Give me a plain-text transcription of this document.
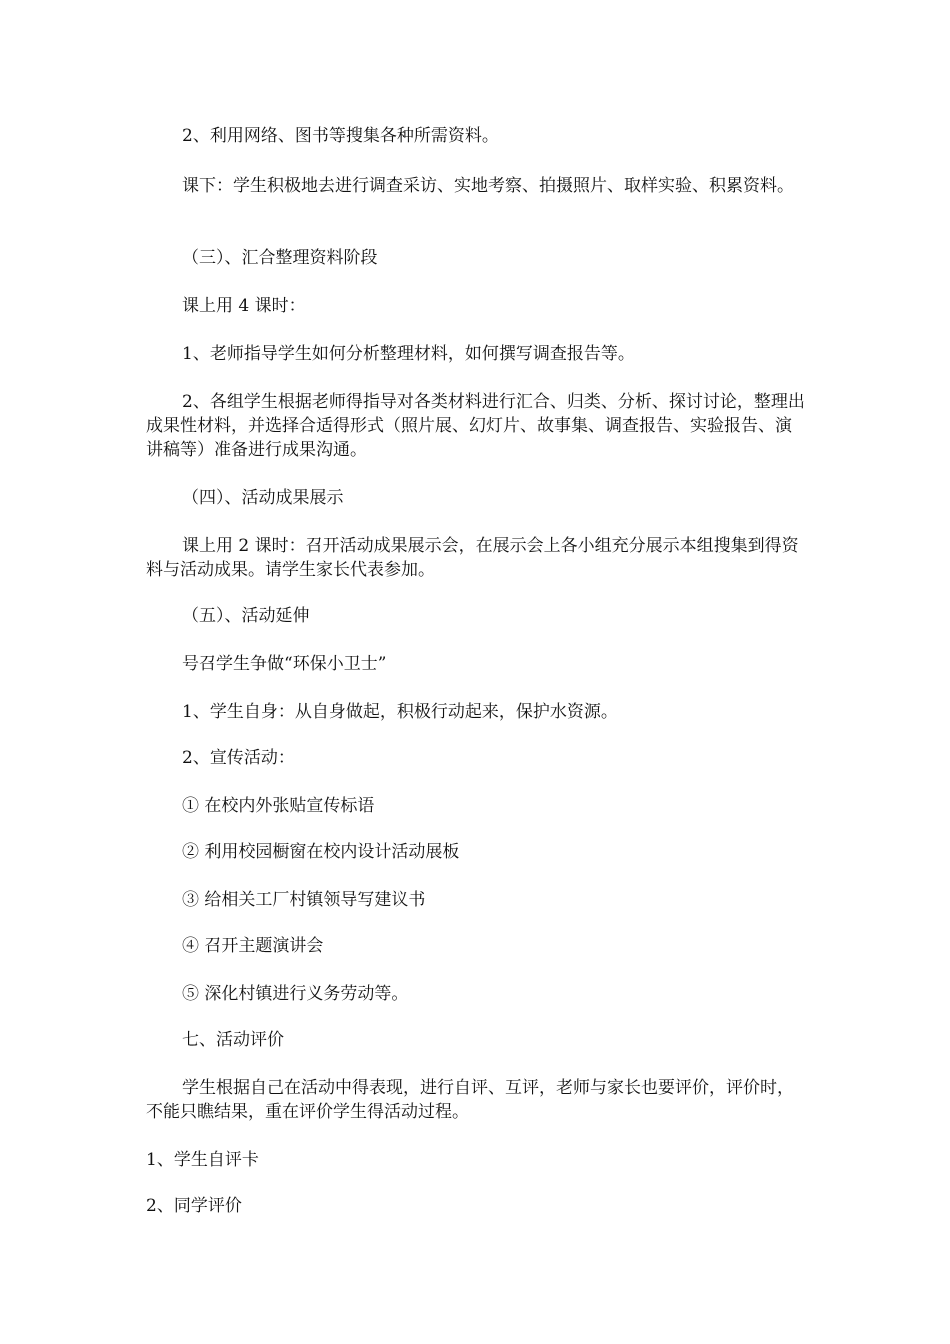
2、利用网络、图书等搜集各种所需资料。

课下：学生积极地去进行调查采访、实地考察、拍摄照片、取样实验、积累资料。

（三）、汇合整理资料阶段

课上用 4 课时：

1、老师指导学生如何分析整理材料，如何撰写调查报告等。

2、各组学生根据老师得指导对各类材料进行汇合、归类、分析、探讨讨论，整理出成果性材料，并选择合适得形式（照片展、幻灯片、故事集、调查报告、实验报告、演讲稿等）准备进行成果沟通。

（四）、活动成果展示

课上用 2 课时：召开活动成果展示会，在展示会上各小组充分展示本组搜集到得资料与活动成果。请学生家长代表参加。

（五）、活动延伸

号召学生争做“环保小卫士”

1、学生自身：从自身做起，积极行动起来，保护水资源。

2、宣传活动：

① 在校内外张贴宣传标语

② 利用校园橱窗在校内设计活动展板

③ 给相关工厂村镇领导写建议书

④ 召开主题演讲会

⑤ 深化村镇进行义务劳动等。

七、活动评价

学生根据自己在活动中得表现，进行自评、互评，老师与家长也要评价，评价时，不能只瞧结果，重在评价学生得活动过程。

1、学生自评卡

2、同学评价
